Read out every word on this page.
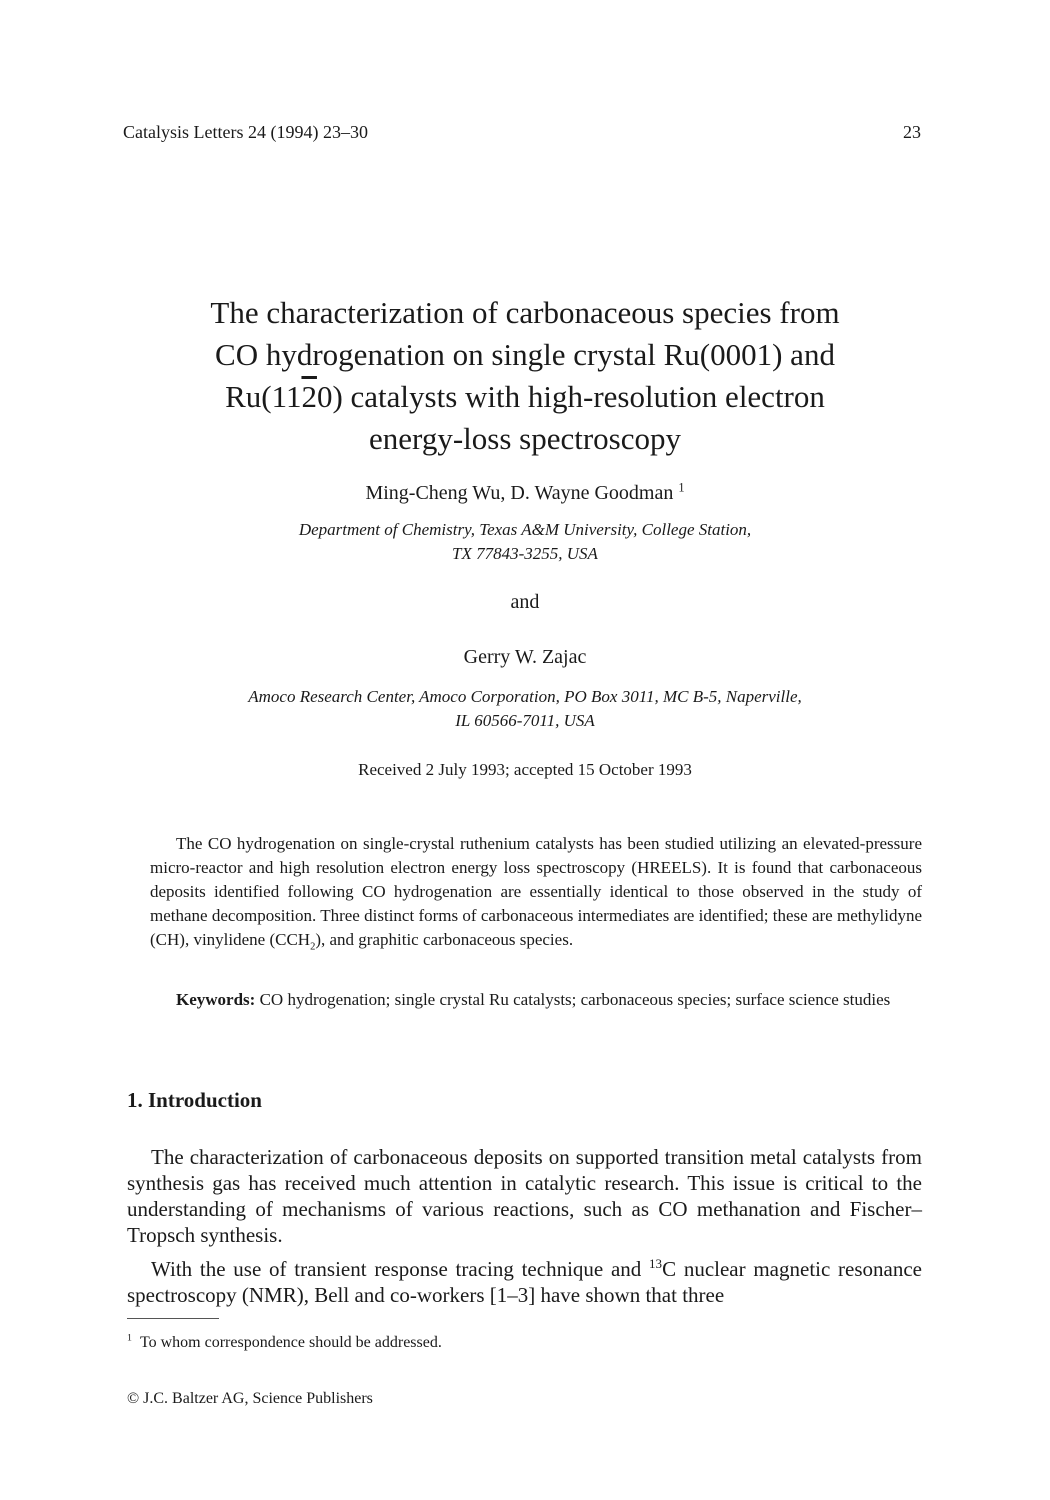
Catalysis Letters 24 (1994) 23–30	23
The characterization of carbonaceous species from
CO hydrogenation on single crystal Ru(0001) and
Ru(1120) catalysts with high-resolution electron
energy-loss spectroscopy
Ming-Cheng Wu, D. Wayne Goodman $^1$
Department of Chemistry, Texas A&M University, College Station,
TX 77843-3255, USA
and
Gerry W. Zajac
Amoco Research Center, Amoco Corporation, PO Box 3011, MC B-5, Naperville,
IL 60566-7011, USA
Received 2 July 1993; accepted 15 October 1993
The CO hydrogenation on single-crystal ruthenium catalysts has been studied utilizing an elevated-pressure micro-reactor and high resolution electron energy loss spectroscopy (HREELS). It is found that carbonaceous deposits identified following CO hydrogenation are essentially identical to those observed in the study of methane decomposition. Three distinct forms of carbonaceous intermediates are identified; these are methylidyne (CH), vinylidene $(CCH_2)$, and graphitic carbonaceous species.
Keywords: CO hydrogenation; single crystal Ru catalysts; carbonaceous species; surface science studies
1. Introduction
The characterization of carbonaceous deposits on supported transition metal catalysts from synthesis gas has received much attention in catalytic research. This issue is critical to the understanding of mechanisms of various reactions, such as CO methanation and Fischer–Tropsch synthesis.
With the use of transient response tracing technique and $^{13}$C nuclear magnetic resonance spectroscopy (NMR), Bell and co-workers [1–3] have shown that three
$^1$ To whom correspondence should be addressed.
© J.C. Baltzer AG, Science Publishers
